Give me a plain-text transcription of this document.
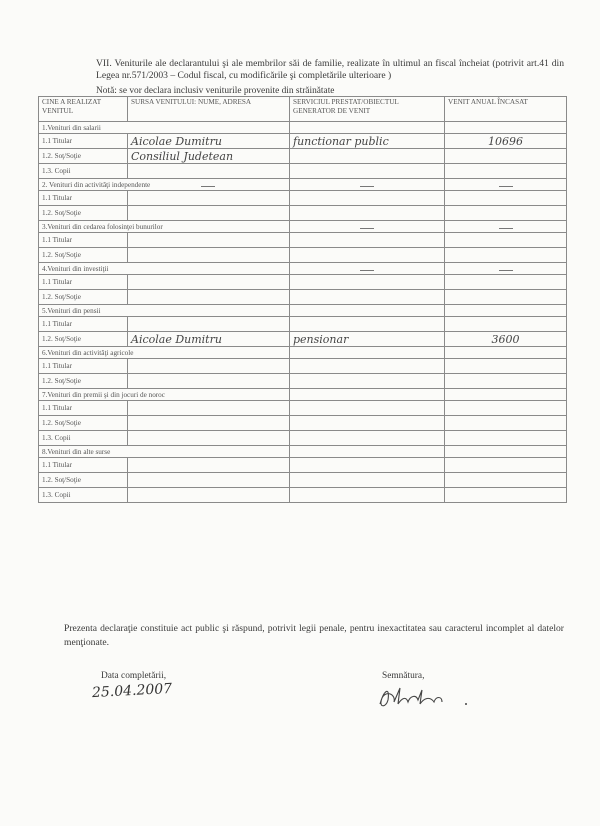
VII. Veniturile ale declarantului şi ale membrilor săi de familie, realizate în ultimul an fiscal încheiat (potrivit art.41 din Legea nr.571/2003 – Codul fiscal, cu modificările şi completările ulterioare )
Notă: se vor declara inclusiv veniturile provenite din străinătate
CINE A REALIZAT VENITUL	SURSA VENITULUI: NUME, ADRESA	SERVICIUL PRESTAT/OBIECTUL GENERATOR DE VENIT	VENIT ANUAL ÎNCASAT
1.Venituri din salarii			
1.1 Titular	Aicolae Dumitru	functionar public	10696
1.2. Soţ/Soţie	Consiliul Judetean		
1.3. Copii			
2. Venituri din activităţi independente			
1.1 Titular			
1.2. Soţ/Soţie			
3.Venituri din cedarea folosinţei bunurilor			
1.1 Titular			
1.2. Soţ/Soţie			
4.Venituri din investiţii			
1.1 Titular			
1.2. Soţ/Soţie			
5.Venituri din pensii			
1.1 Titular			
1.2. Soţ/Soţie	Aicolae Dumitru	pensionar	3600
6.Venituri din activităţi agricole			
1.1 Titular			
1.2. Soţ/Soţie			
7.Venituri din premii şi din jocuri de noroc			
1.1 Titular			
1.2. Soţ/Soţie			
1.3. Copii			
8.Venituri din alte surse			
1.1 Titular			
1.2. Soţ/Soţie			
1.3. Copii			
Prezenta declaraţie constituie act public şi răspund, potrivit legii penale, pentru inexactitatea sau caracterul incomplet al datelor menţionate.
Data completării,	Semnătura,
25.04.2007
